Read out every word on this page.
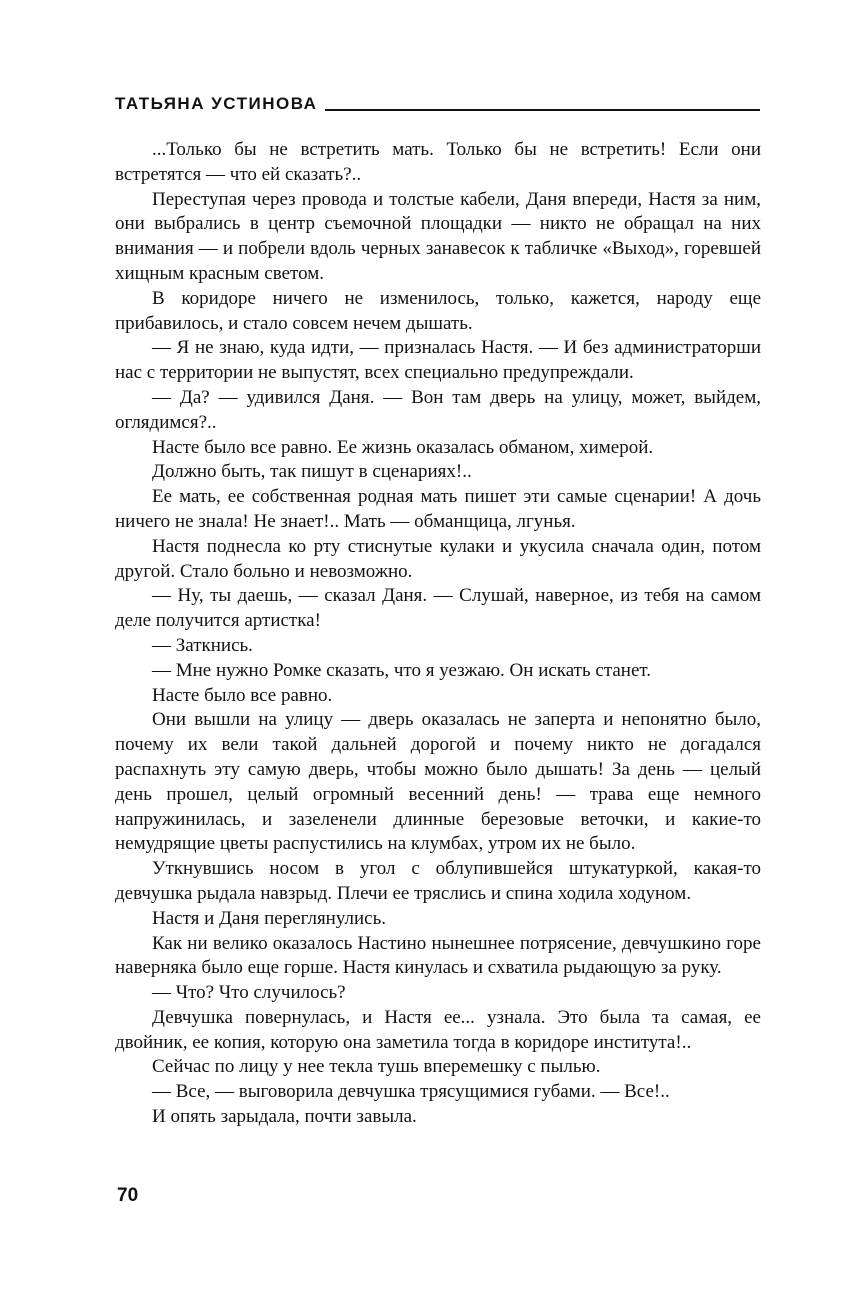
ТАТЬЯНА УСТИНОВА

...Только бы не встретить мать. Только бы не встретить! Если они встретятся — что ей сказать?..

Переступая через провода и толстые кабели, Даня впереди, Настя за ним, они выбрались в центр съемочной площадки — никто не обращал на них внимания — и побрели вдоль черных занавесок к табличке «Выход», горевшей хищным красным светом.

В коридоре ничего не изменилось, только, кажется, народу еще прибавилось, и стало совсем нечем дышать.

— Я не знаю, куда идти, — призналась Настя. — И без администраторши нас с территории не выпустят, всех специально предупреждали.

— Да? — удивился Даня. — Вон там дверь на улицу, может, выйдем, оглядимся?..

Насте было все равно. Ее жизнь оказалась обманом, химерой.

Должно быть, так пишут в сценариях!..

Ее мать, ее собственная родная мать пишет эти самые сценарии! А дочь ничего не знала! Не знает!.. Мать — обманщица, лгунья.

Настя поднесла ко рту стиснутые кулаки и укусила сначала один, потом другой. Стало больно и невозможно.

— Ну, ты даешь, — сказал Даня. — Слушай, наверное, из тебя на самом деле получится артистка!

— Заткнись.

— Мне нужно Ромке сказать, что я уезжаю. Он искать станет.

Насте было все равно.

Они вышли на улицу — дверь оказалась не заперта и непонятно было, почему их вели такой дальней дорогой и почему никто не догадался распахнуть эту самую дверь, чтобы можно было дышать! За день — целый день прошел, целый огромный весенний день! — трава еще немного напружинилась, и зазеленели длинные березовые веточки, и какие-то немудрящие цветы распустились на клумбах, утром их не было.

Уткнувшись носом в угол с облупившейся штукатуркой, какая-то девчушка рыдала навзрыд. Плечи ее тряслись и спина ходила ходуном.

Настя и Даня переглянулись.

Как ни велико оказалось Настино нынешнее потрясение, девчушкино горе наверняка было еще горше. Настя кинулась и схватила рыдающую за руку.

— Что? Что случилось?

Девчушка повернулась, и Настя ее... узнала. Это была та самая, ее двойник, ее копия, которую она заметила тогда в коридоре института!..

Сейчас по лицу у нее текла тушь вперемешку с пылью.

— Все, — выговорила девчушка трясущимися губами. — Все!..

И опять зарыдала, почти завыла.

70
